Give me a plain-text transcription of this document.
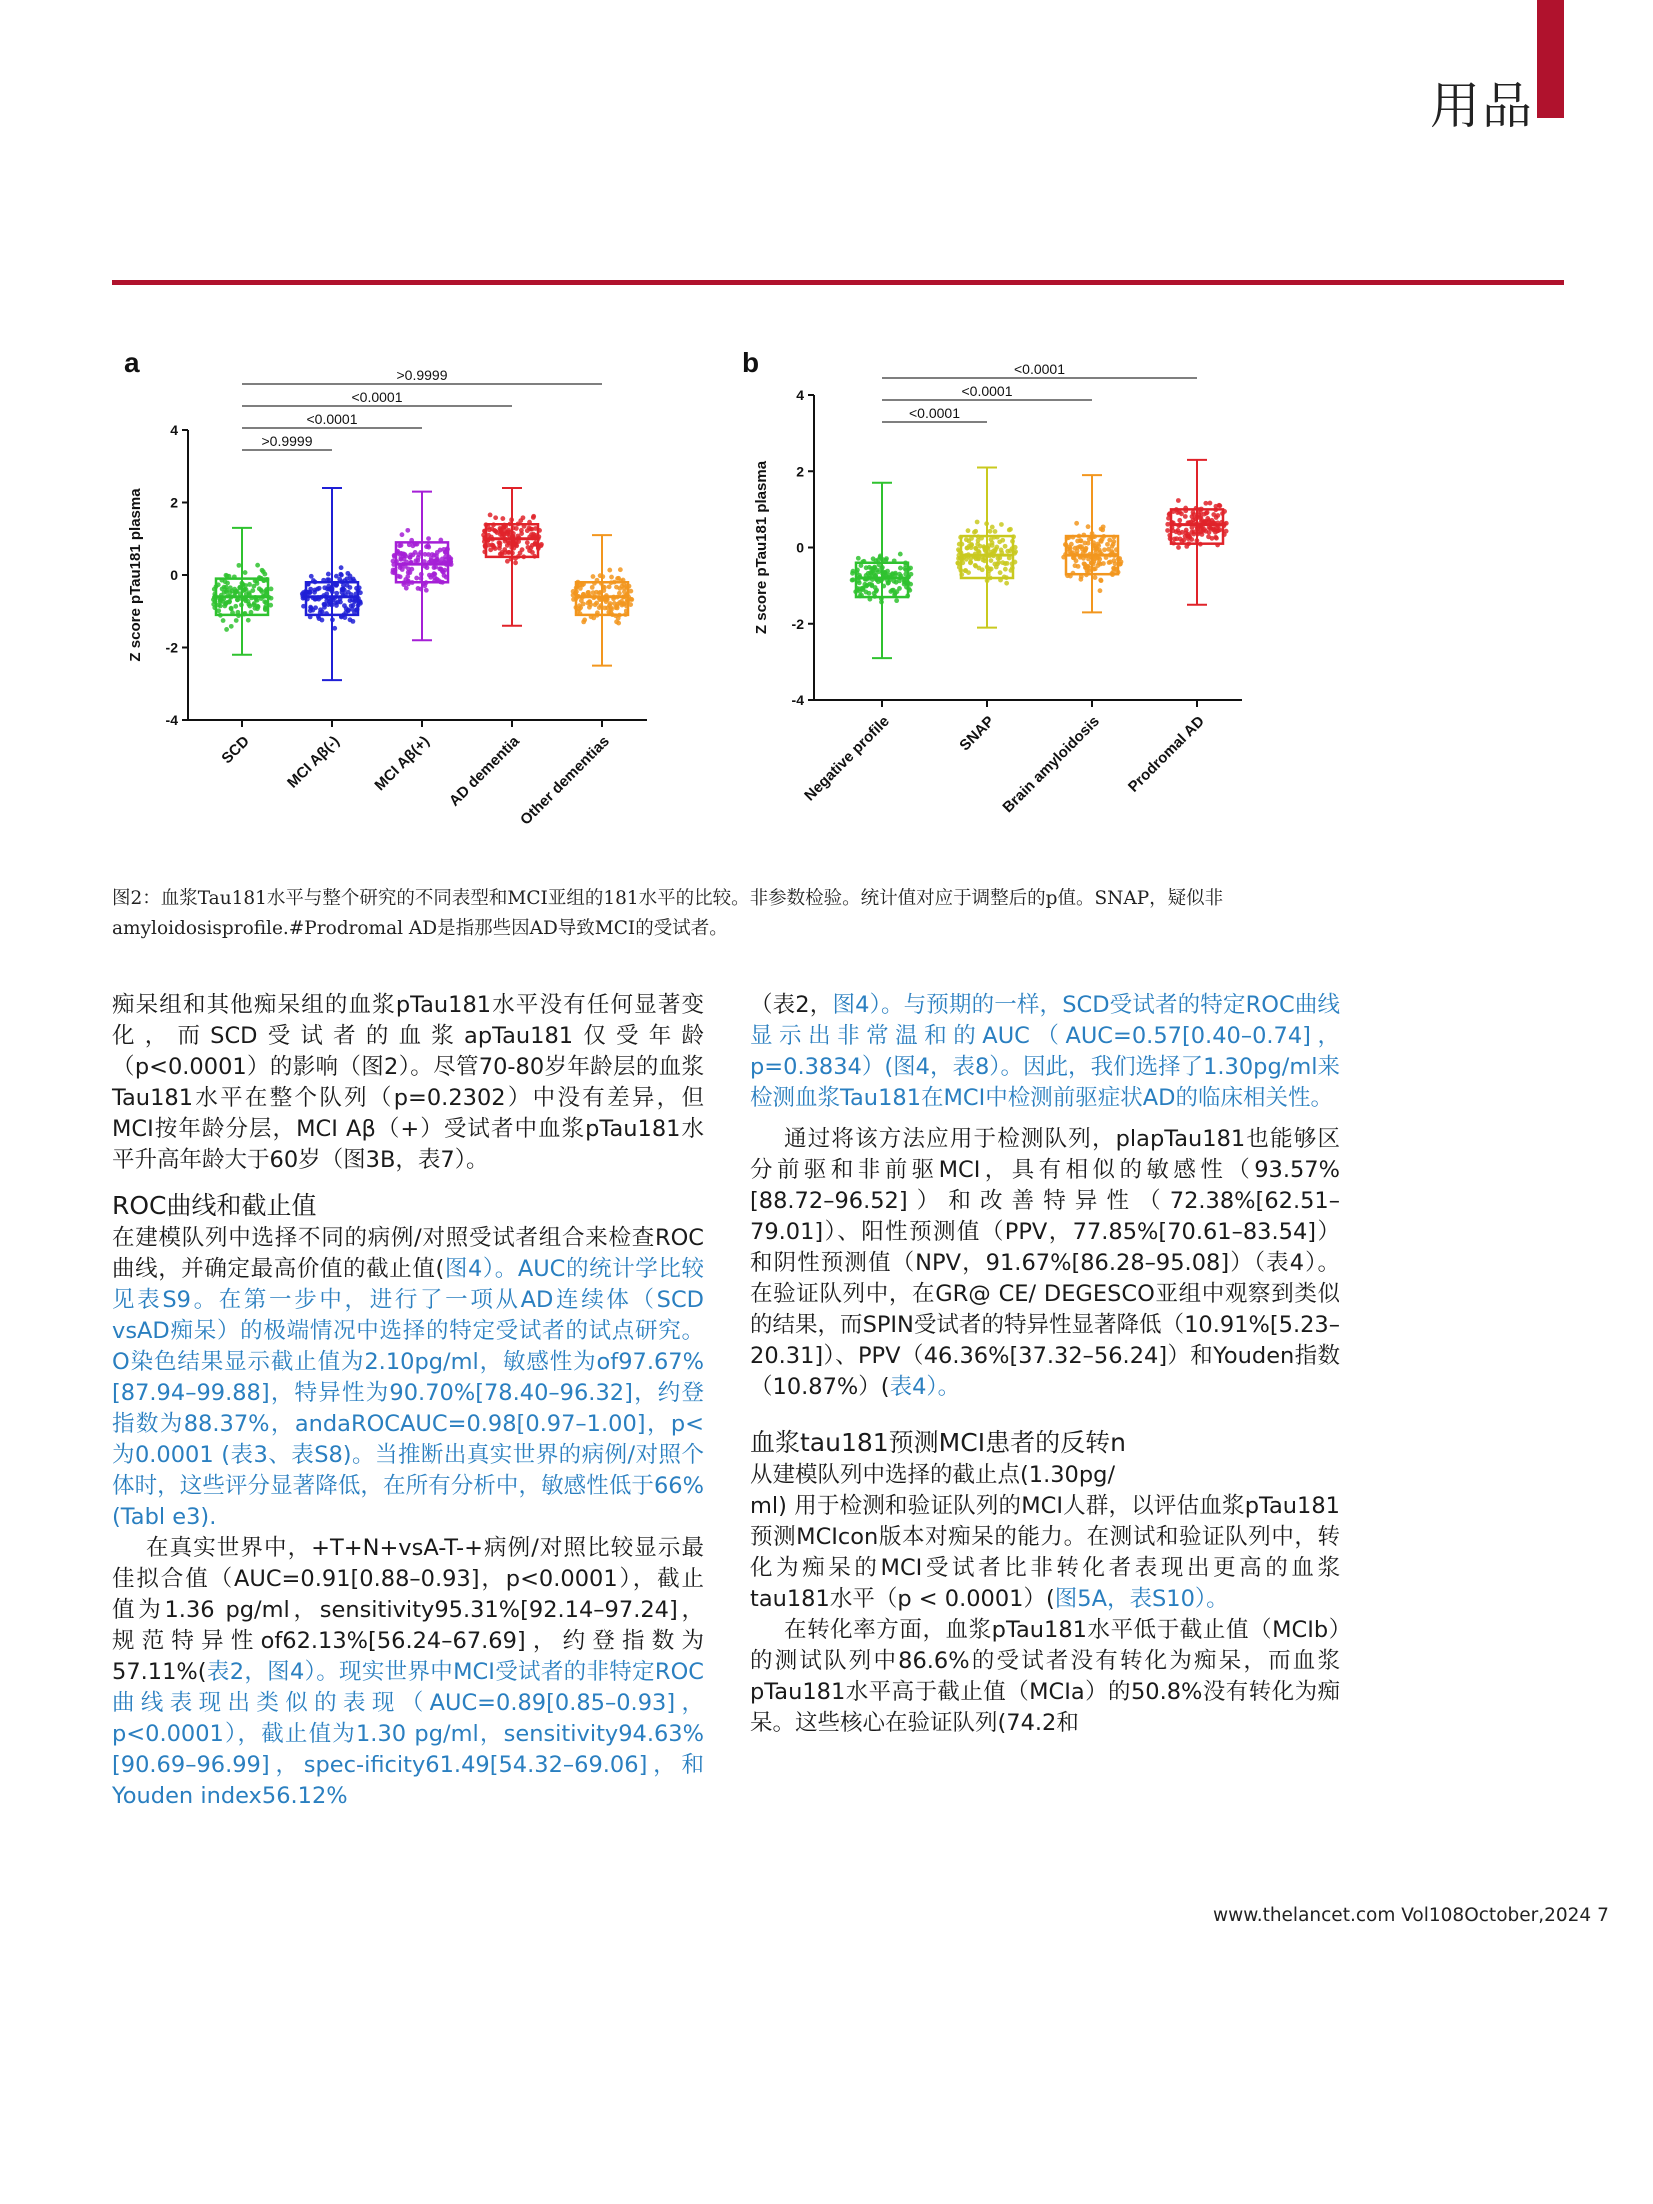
用品
a
4
2
0
-2
-4
Z score pTau181 plasma
SCD MCI Aβ(-) MCI Aβ(+) AD dementia
Other dementias
>0.9999
<0.0001
<0.0001
>0.9999	b
4
2
0
-2
-4
Z score pTau181 plasma
Negative profile	SNAP Brain amyloidosis Prodromal AD
<0.0001
<0.0001
<0.0001
图2：血浆Tau181水平与整个研究的不同表型和MCI亚组的181水平的比较。非参数检验。统计值对应于调整后的p值。SNAP，疑似非
amyloidosisprofile.#Prodromal AD是指那些因AD导致MCI的受试者。

痴呆组和其他痴呆组的血浆pTau181水平没有任何显著变化，而SCD受试者的血浆apTau181仅受年龄（p<0.0001）的影响（图2）。尽管70-80岁年龄层的血浆Tau181水平在整个队列（p=0.2302）中没有差异，但MCI按年龄分层，MCI Aβ（+）受试者中血浆pTau181水平升高年龄大于60岁（图3B，表7）。

ROC曲线和截止值

在建模队列中选择不同的病例/对照受试者组合来检查ROC曲线，并确定最高价值的截止值(图4）。AUC的统计学比较见表S9。在第一步中，进行了一项从AD连续体（SCD vsAD痴呆）的极端情况中选择的特定受试者的试点研究。O染色结果显示截止值为2.10pg/ml，敏感性为of97.67%[87.94–99.88]，特异性为90.70%[78.40–96.32]，约登指数为88.37%，andaROCAUC=0.98[0.97–1.00]，p<为0.0001 (表3、表S8)。当推断出真实世界的病例/对照个体时，这些评分显著降低，在所有分析中，敏感性低于66%(Tabl e3).

在真实世界中，+T+N+vsA-T-+病例/对照比较显示最佳拟合值（AUC=0.91[0.88–0.93]，p<0.0001），截止值为1.36 pg/ml，sensitivity95.31%[92.14–97.24]，规范特异性of62.13%[56.24–67.69]，约登指数为57.11%(表2，图4）。现实世界中MCI受试者的非特定ROC曲线表现出类似的表现（AUC=0.89[0.85–0.93]，p<0.0001），截止值为1.30 pg/ml，sensitivity94.63%[90.69–96.99]，spec-ificity61.49[54.32–69.06]，和 Youden index56.12%

（表2，图4）。与预期的一样，SCD受试者的特定ROC曲线显示出非常温和的AUC（AUC=0.57[0.40–0.74]，p=0.3834）(图4，表8）。因此，我们选择了1.30pg/ml来检测血浆Tau181在MCI中检测前驱症状AD的临床相关性。

通过将该方法应用于检测队列，plapTau181也能够区分前驱和非前驱MCI，具有相似的敏感性（93.57%[88.72–96.52]）和改善特异性（72.38%[62.51–79.01]）、阳性预测值（PPV，77.85%[70.61–83.54]）和阴性预测值（NPV，91.67%[86.28–95.08]）（表4）。在验证队列中，在GR@ CE/ DEGESCO亚组中观察到类似的结果，而SPIN受试者的特异性显著降低（10.91%[5.23–20.31]）、PPV（46.36%[37.32–56.24]）和Youden指数（10.87%）(表4）。

血浆tau181预测MCI患者的反转n

从建模队列中选择的截止点(1.30pg/

ml) 用于检测和验证队列的MCI人群，以评估血浆pTau181预测MCIcon版本对痴呆的能力。在测试和验证队列中，转化为痴呆的MCI受试者比非转化者表现出更高的血浆tau181水平（p < 0.0001）(图5A，表S10）。

在转化率方面，血浆pTau181水平低于截止值（MCIb）的测试队列中86.6%的受试者没有转化为痴呆，而血浆pTau181水平高于截止值（MCIa）的50.8%没有转化为痴呆。这些核心在验证队列(74.2和

www.thelancet.com Vol108October,2024 7
